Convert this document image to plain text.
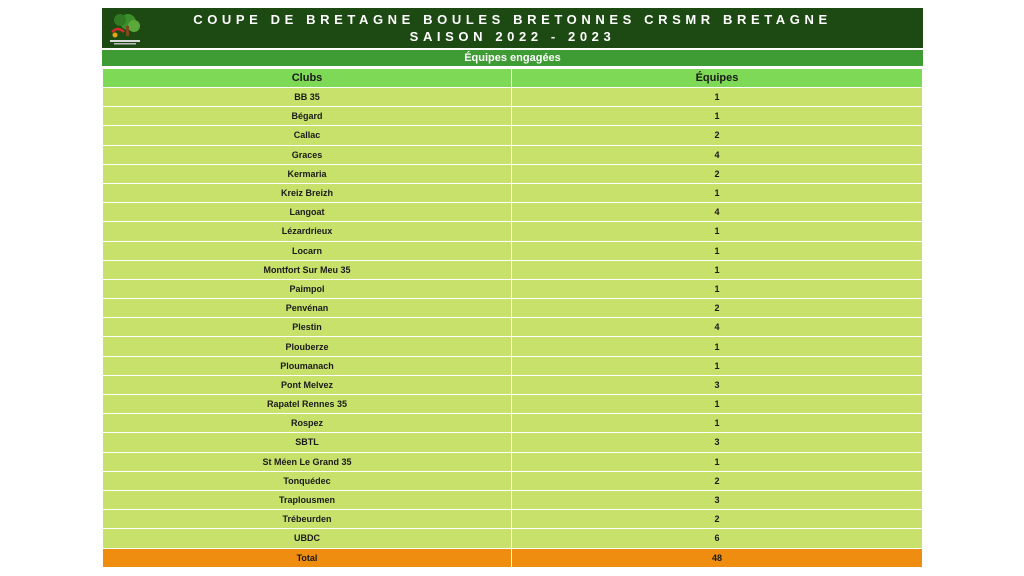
COUPE DE BRETAGNE BOULES BRETONNES CRSMR BRETAGNE
SAISON 2022 - 2023
Équipes engagées
Clubs	Équipes
BB 35	1
Bégard	1
Callac	2
Graces	4
Kermaria	2
Kreiz Breizh	1
Langoat	4
Lézardrieux	1
Locarn	1
Montfort Sur Meu 35	1
Paimpol	1
Penvénan	2
Plestin	4
Plouberze	1
Ploumanach	1
Pont Melvez	3
Rapatel Rennes 35	1
Rospez	1
SBTL	3
St Méen Le Grand 35	1
Tonquédec	2
Traplousmen	3
Trébeurden	2
UBDC	6
Total	48
